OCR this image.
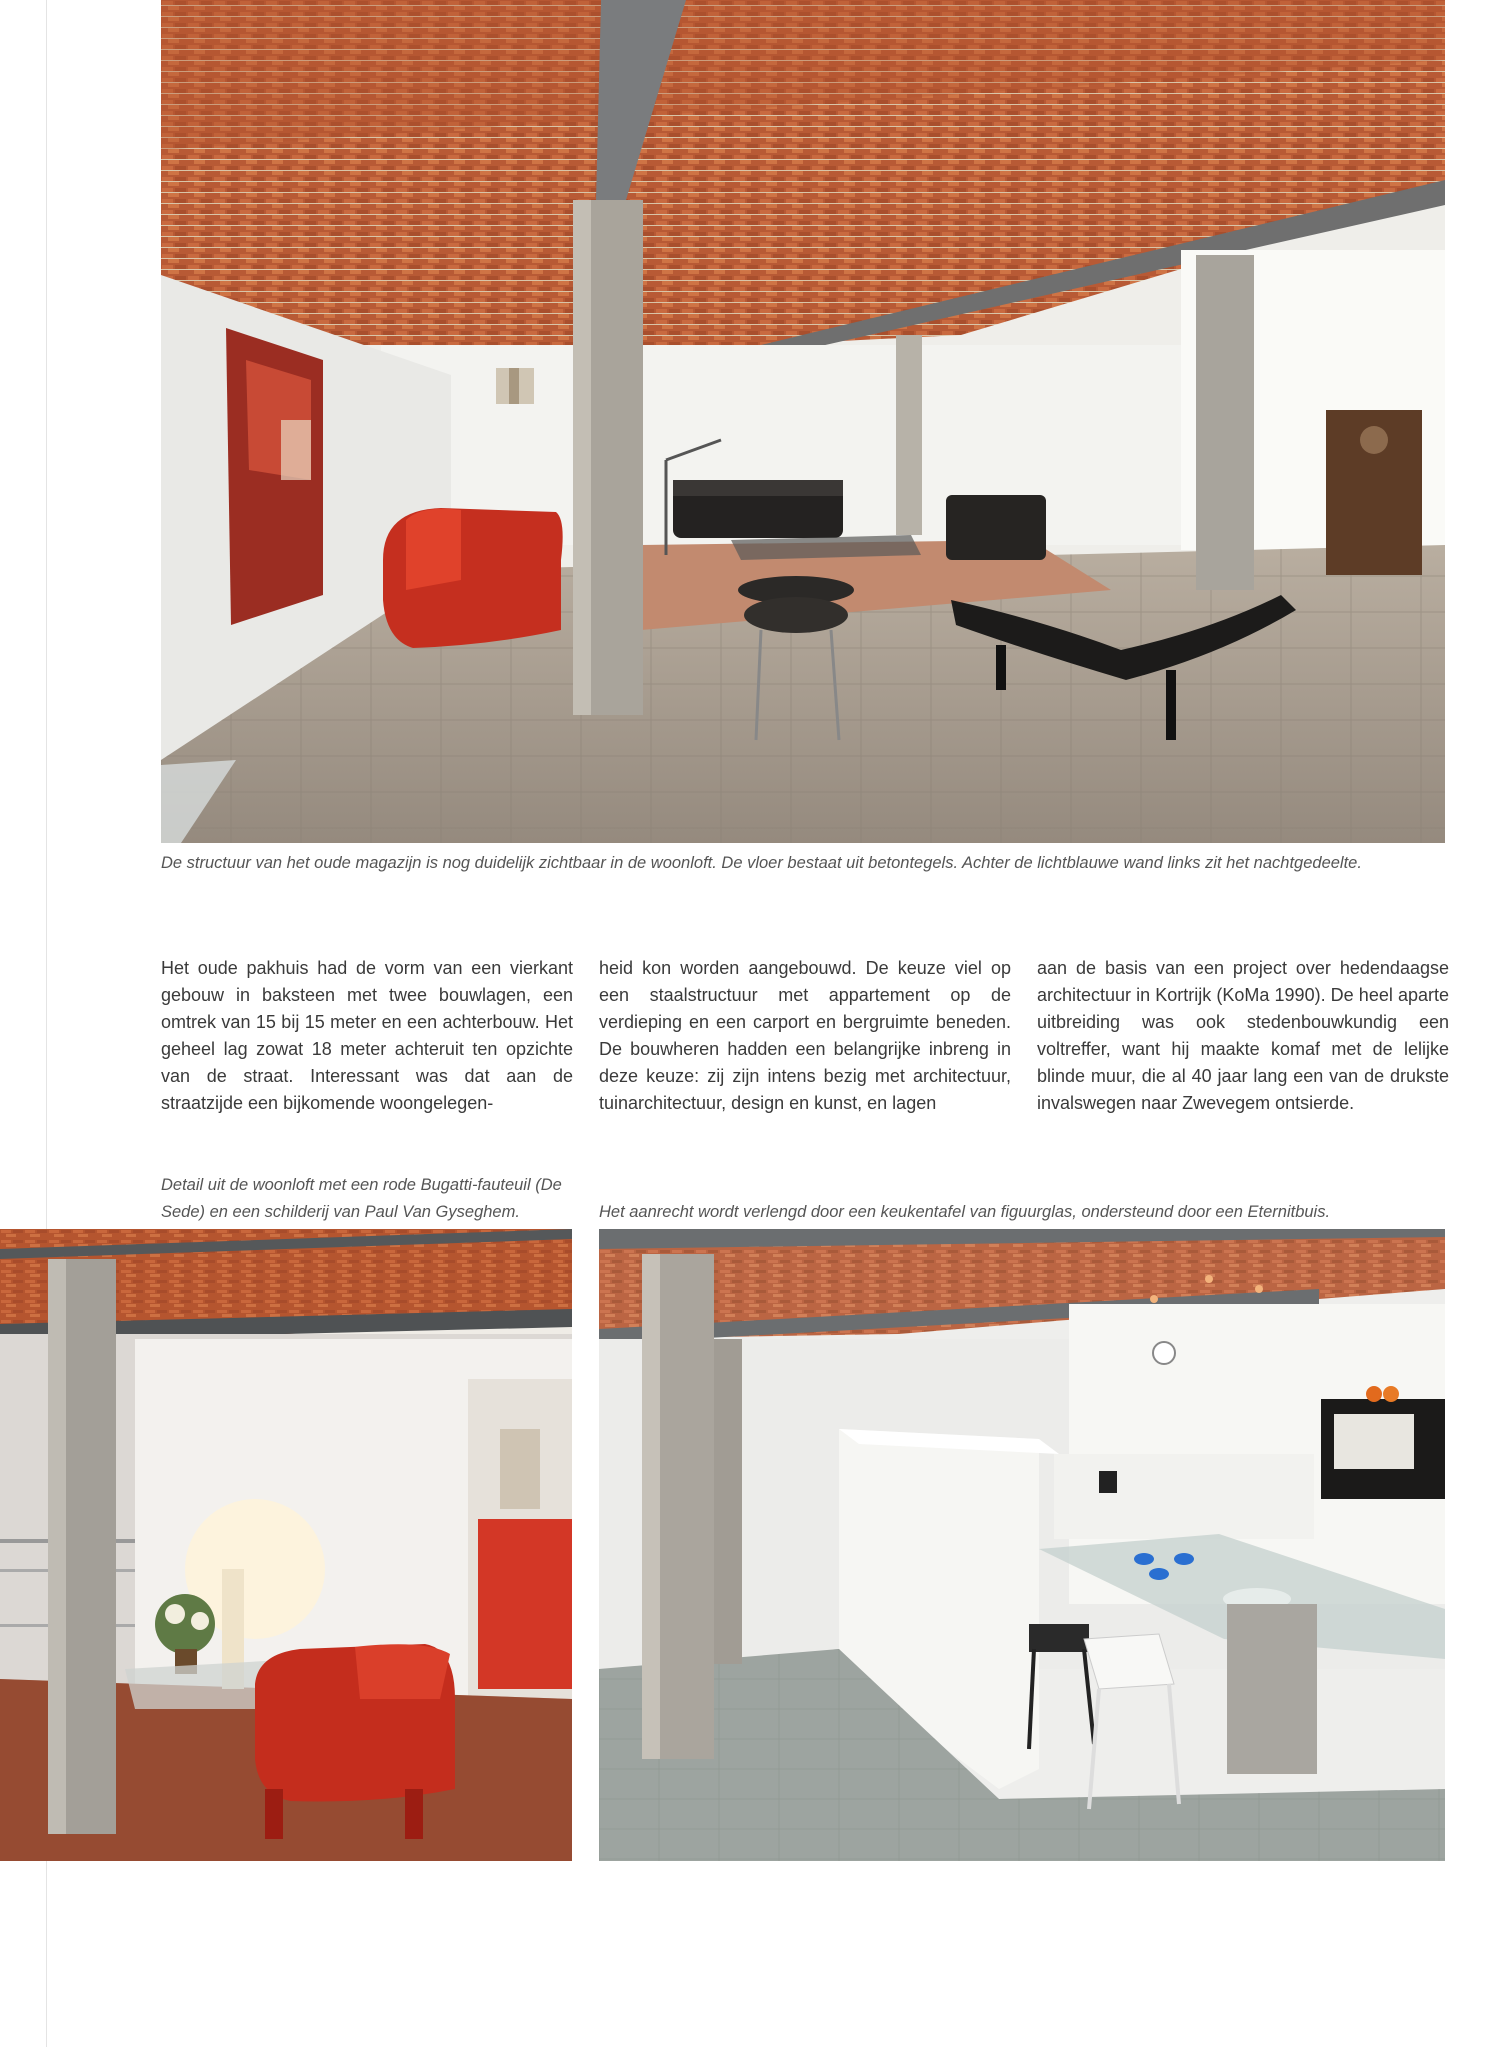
De structuur van het oude magazijn is nog duidelijk zichtbaar in de woonloft. De vloer bestaat uit betontegels. Achter de lichtblauwe wand links zit het nachtgedeelte.

Het oude pakhuis had de vorm van een vierkant gebouw in baksteen met twee bouwlagen, een omtrek van 15 bij 15 meter en een achterbouw. Het geheel lag zowat 18 meter achteruit ten opzichte van de straat. Interessant was dat aan de straatzijde een bijkomende woongelegen-

heid kon worden aangebouwd. De keuze viel op een staalstructuur met appartement op de verdieping en een carport en bergruimte beneden. De bouwheren hadden een belangrijke inbreng in deze keuze: zij zijn intens bezig met architectuur, tuinarchitectuur, design en kunst, en lagen

aan de basis van een project over hedendaagse architectuur in Kortrijk (KoMa 1990). De heel aparte uitbreiding was ook stedenbouwkundig een voltreffer, want hij maakte komaf met de lelijke blinde muur, die al 40 jaar lang een van de drukste invalswegen naar Zwevegem ontsierde.

Detail uit de woonloft met een rode Bugatti-fauteuil (De Sede) en een schilderij van Paul Van Gyseghem.	Het aanrecht wordt verlengd door een keukentafel van figuurglas, ondersteund door een Eternitbuis.
